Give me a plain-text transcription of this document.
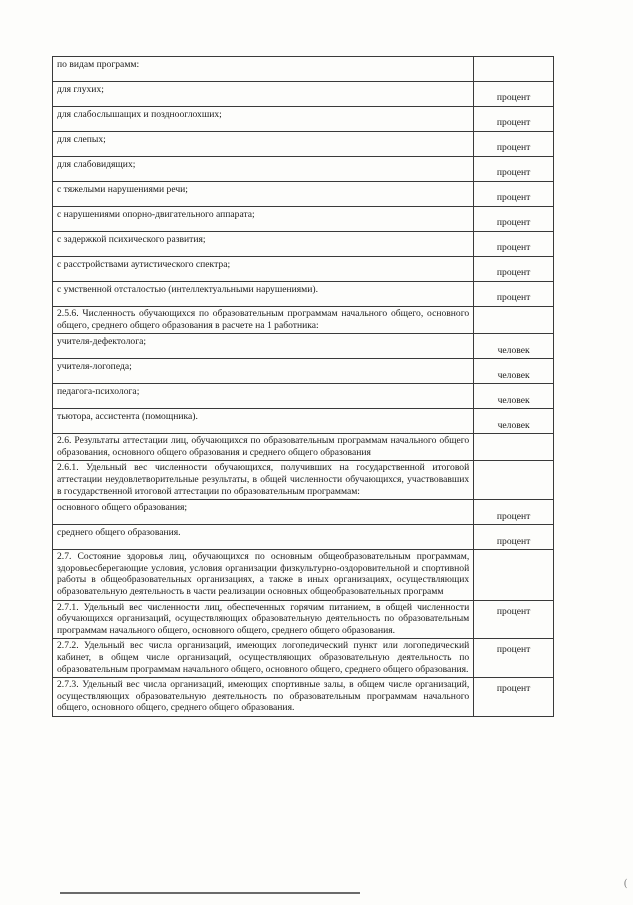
по видам программ:	
для глухих;	процент
для слабослышащих и позднооглохших;	процент
для слепых;	процент
для слабовидящих;	процент
с тяжелыми нарушениями речи;	процент
с нарушениями опорно-двигательного аппарата;	процент
с задержкой психического развития;	процент
с расстройствами аутистического спектра;	процент
с умственной отсталостью (интеллектуальными нарушениями).	процент
2.5.6. Численность обучающихся по образовательным программам начального общего, основного общего, среднего общего образования в расчете на 1 работника:	
учителя-дефектолога;	человек
учителя-логопеда;	человек
педагога-психолога;	человек
тьютора, ассистента (помощника).	человек
2.6. Результаты аттестации лиц, обучающихся по образовательным программам начального общего образования, основного общего образования и среднего общего образования	
2.6.1. Удельный вес численности обучающихся, получивших на государственной итоговой аттестации неудовлетворительные результаты, в общей численности обучающихся, участвовавших в государственной итоговой аттестации по образовательным программам:	
основного общего образования;	процент
среднего общего образования.	процент
2.7. Состояние здоровья лиц, обучающихся по основным общеобразовательным программам, здоровьесберегающие условия, условия организации физкультурно-оздоровительной и спортивной работы в общеобразовательных организациях, а также в иных организациях, осуществляющих образовательную деятельность в части реализации основных общеобразовательных программ	
2.7.1. Удельный вес численности лиц, обеспеченных горячим питанием, в общей численности обучающихся организаций, осуществляющих образовательную деятельность по образовательным программам начального общего, основного общего, среднего общего образования.	процент
2.7.2. Удельный вес числа организаций, имеющих логопедический пункт или логопедический кабинет, в общем числе организаций, осуществляющих образовательную деятельность по образовательным программам начального общего, основного общего, среднего общего образования.	процент
2.7.3. Удельный вес числа организаций, имеющих спортивные залы, в общем числе организаций, осуществляющих образовательную деятельность по образовательным программам начального общего, основного общего, среднего общего образования.	процент
(
